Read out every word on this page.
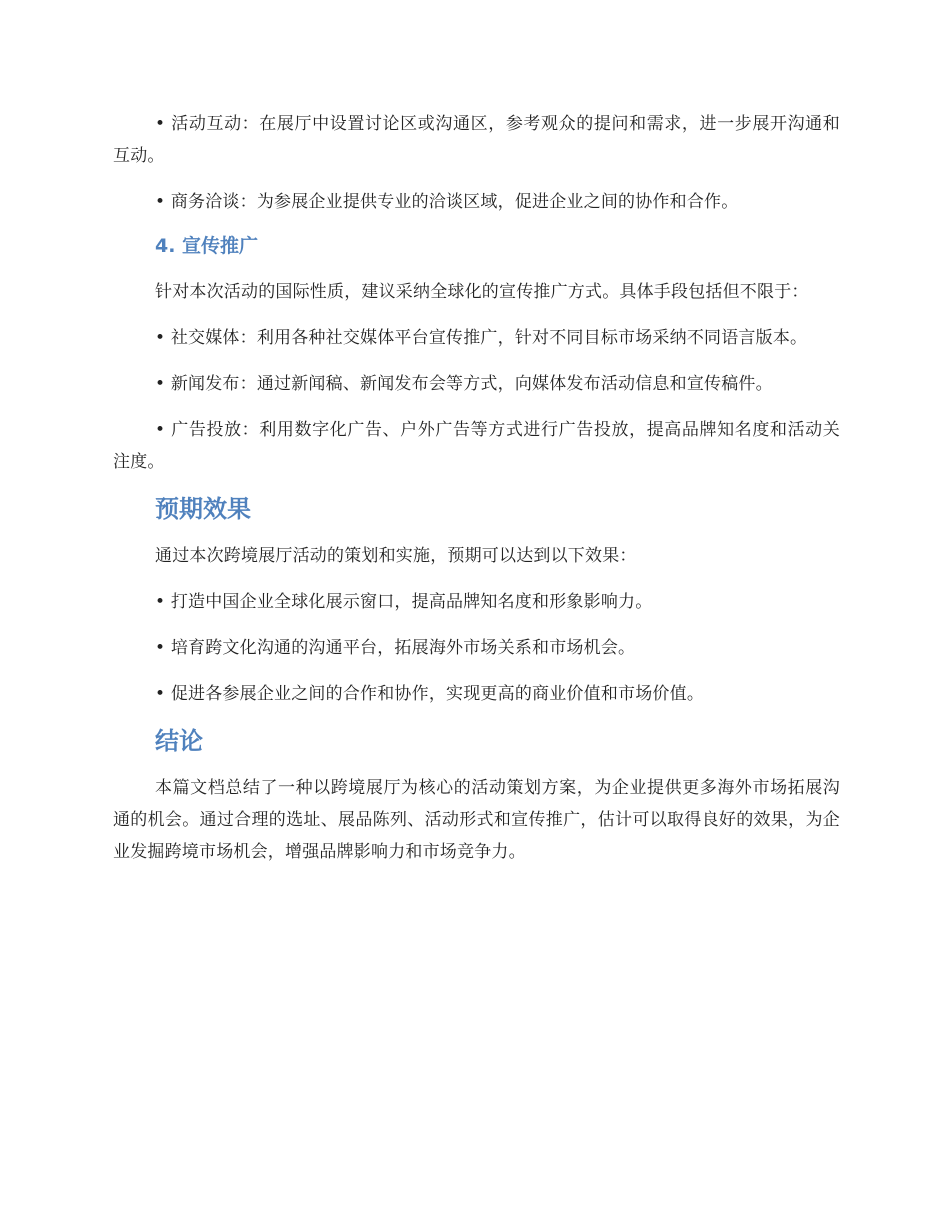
• 活动互动：在展厅中设置讨论区或沟通区，参考观众的提问和需求，进一步展开沟通和互动。

• 商务洽谈：为参展企业提供专业的洽谈区域，促进企业之间的协作和合作。

4. 宣传推广

针对本次活动的国际性质，建议采纳全球化的宣传推广方式。具体手段包括但不限于：

• 社交媒体：利用各种社交媒体平台宣传推广，针对不同目标市场采纳不同语言版本。

• 新闻发布：通过新闻稿、新闻发布会等方式，向媒体发布活动信息和宣传稿件。

• 广告投放：利用数字化广告、户外广告等方式进行广告投放，提高品牌知名度和活动关注度。

预期效果

通过本次跨境展厅活动的策划和实施，预期可以达到以下效果：

• 打造中国企业全球化展示窗口，提高品牌知名度和形象影响力。

• 培育跨文化沟通的沟通平台，拓展海外市场关系和市场机会。

• 促进各参展企业之间的合作和协作，实现更高的商业价值和市场价值。

结论

本篇文档总结了一种以跨境展厅为核心的活动策划方案，为企业提供更多海外市场拓展沟通的机会。通过合理的选址、展品陈列、活动形式和宣传推广，估计可以取得良好的效果，为企业发掘跨境市场机会，增强品牌影响力和市场竞争力。
